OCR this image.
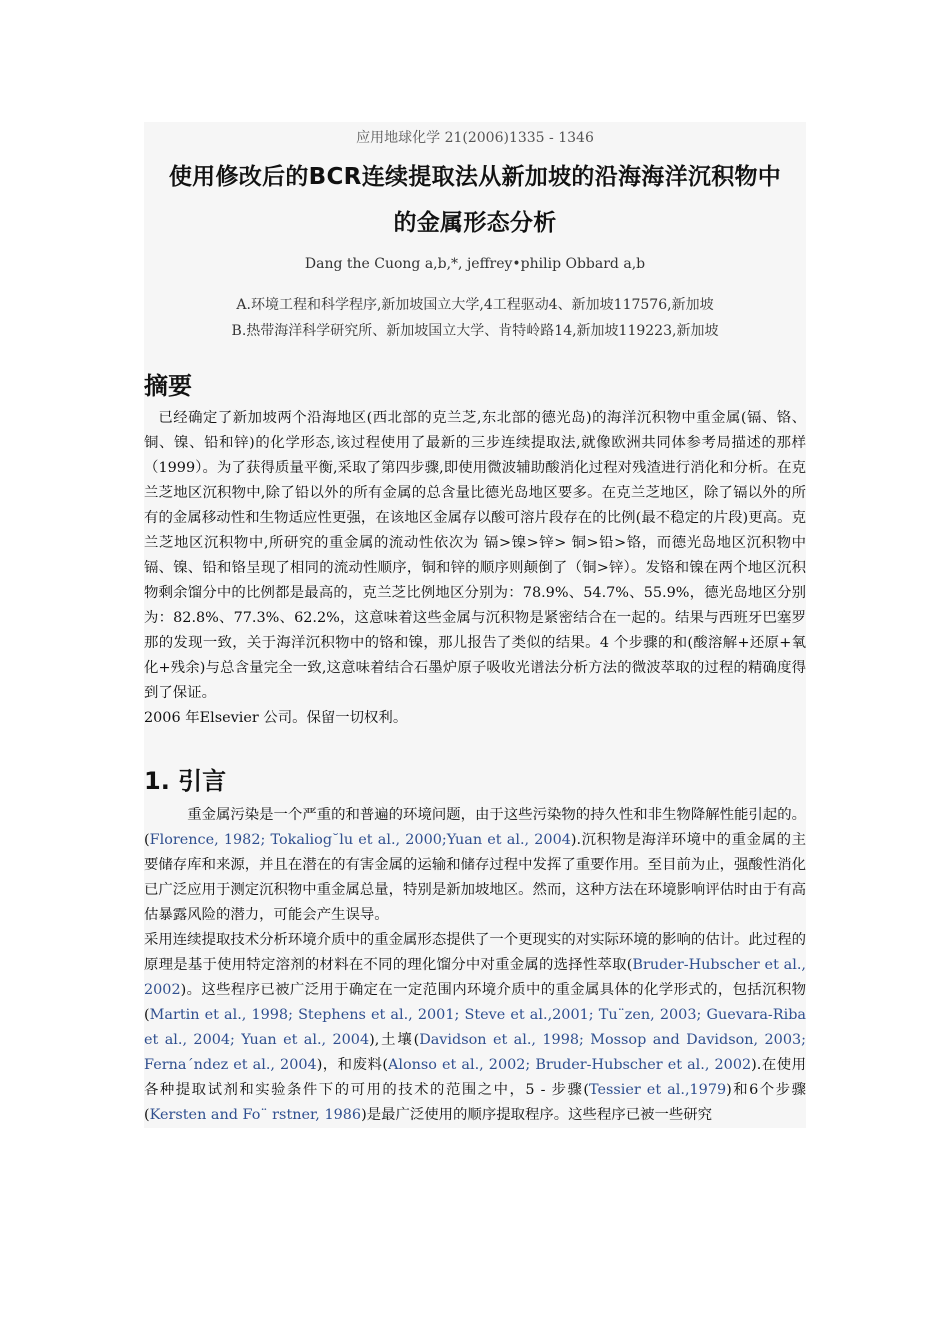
应用地球化学 21(2006)1335 - 1346
使用修改后的BCR连续提取法从新加坡的沿海海洋沉积物中
的金属形态分析
Dang the Cuong a,b,*, jeffrey•philip Obbard a,b
A.环境工程和科学程序,新加坡国立大学,4工程驱动4、新加坡117576,新加坡
B.热带海洋科学研究所、新加坡国立大学、肯特岭路14,新加坡119223,新加坡
摘要

已经确定了新加坡两个沿海地区(西北部的克兰芝,东北部的德光岛)的海洋沉积物中重金属(镉、铬、铜、镍、铅和锌)的化学形态,该过程使用了最新的三步连续提取法,就像欧洲共同体参考局描述的那样（1999）。为了获得质量平衡,采取了第四步骤,即使用微波辅助酸消化过程对残渣进行消化和分析。在克兰芝地区沉积物中,除了铅以外的所有金属的总含量比德光岛地区要多。在克兰芝地区，除了镉以外的所有的金属移动性和生物适应性更强，在该地区金属存以酸可溶片段存在的比例(最不稳定的片段)更高。克兰芝地区沉积物中,所研究的重金属的流动性依次为 镉>镍>锌> 铜>铅>铬，而德光岛地区沉积物中镉、镍、铅和铬呈现了相同的流动性顺序，铜和锌的顺序则颠倒了（铜>锌）。发铬和镍在两个地区沉积物剩余馏分中的比例都是最高的，克兰芝比例地区分别为：78.9%、54.7%、55.9%，德光岛地区分别为：82.8%、77.3%、62.2%，这意味着这些金属与沉积物是紧密结合在一起的。结果与西班牙巴塞罗那的发现一致，关于海洋沉积物中的铬和镍，那儿报告了类似的结果。4 个步骤的和(酸溶解+还原+氧化+残余)与总含量完全一致,这意味着结合石墨炉原子吸收光谱法分析方法的微波萃取的过程的精确度得到了保证。

2006 年Elsevier 公司。保留一切权利。

1. 引言

重金属污染是一个严重的和普遍的环境问题，由于这些污染物的持久性和非生物降解性能引起的。(Florence, 1982; Tokaliog˘lu et al., 2000;Yuan et al., 2004).沉积物是海洋环境中的重金属的主要储存库和来源，并且在潜在的有害金属的运输和储存过程中发挥了重要作用。至目前为止，强酸性消化已广泛应用于测定沉积物中重金属总量，特别是新加坡地区。然而，这种方法在环境影响评估时由于有高估暴露风险的潜力，可能会产生误导。

采用连续提取技术分析环境介质中的重金属形态提供了一个更现实的对实际环境的影响的估计。此过程的原理是基于使用特定溶剂的材料在不同的理化馏分中对重金属的选择性萃取(Bruder-Hubscher et al., 2002)。这些程序已被广泛用于确定在一定范围内环境介质中的重金属具体的化学形式的，包括沉积物(Martin et al., 1998; Stephens et al., 2001; Steve et al.,2001; Tu¨zen, 2003; Guevara-Riba et al., 2004; Yuan et al., 2004),土壤(Davidson et al., 1998; Mossop and Davidson, 2003; Ferna´ndez et al., 2004)，和废料(Alonso et al., 2002; Bruder-Hubscher et al., 2002).在使用各种提取试剂和实验条件下的可用的技术的范围之中，5 - 步骤(Tessier et al.,1979)和6个步骤(Kersten and Fo¨ rstner, 1986)是最广泛使用的顺序提取程序。这些程序已被一些研究
